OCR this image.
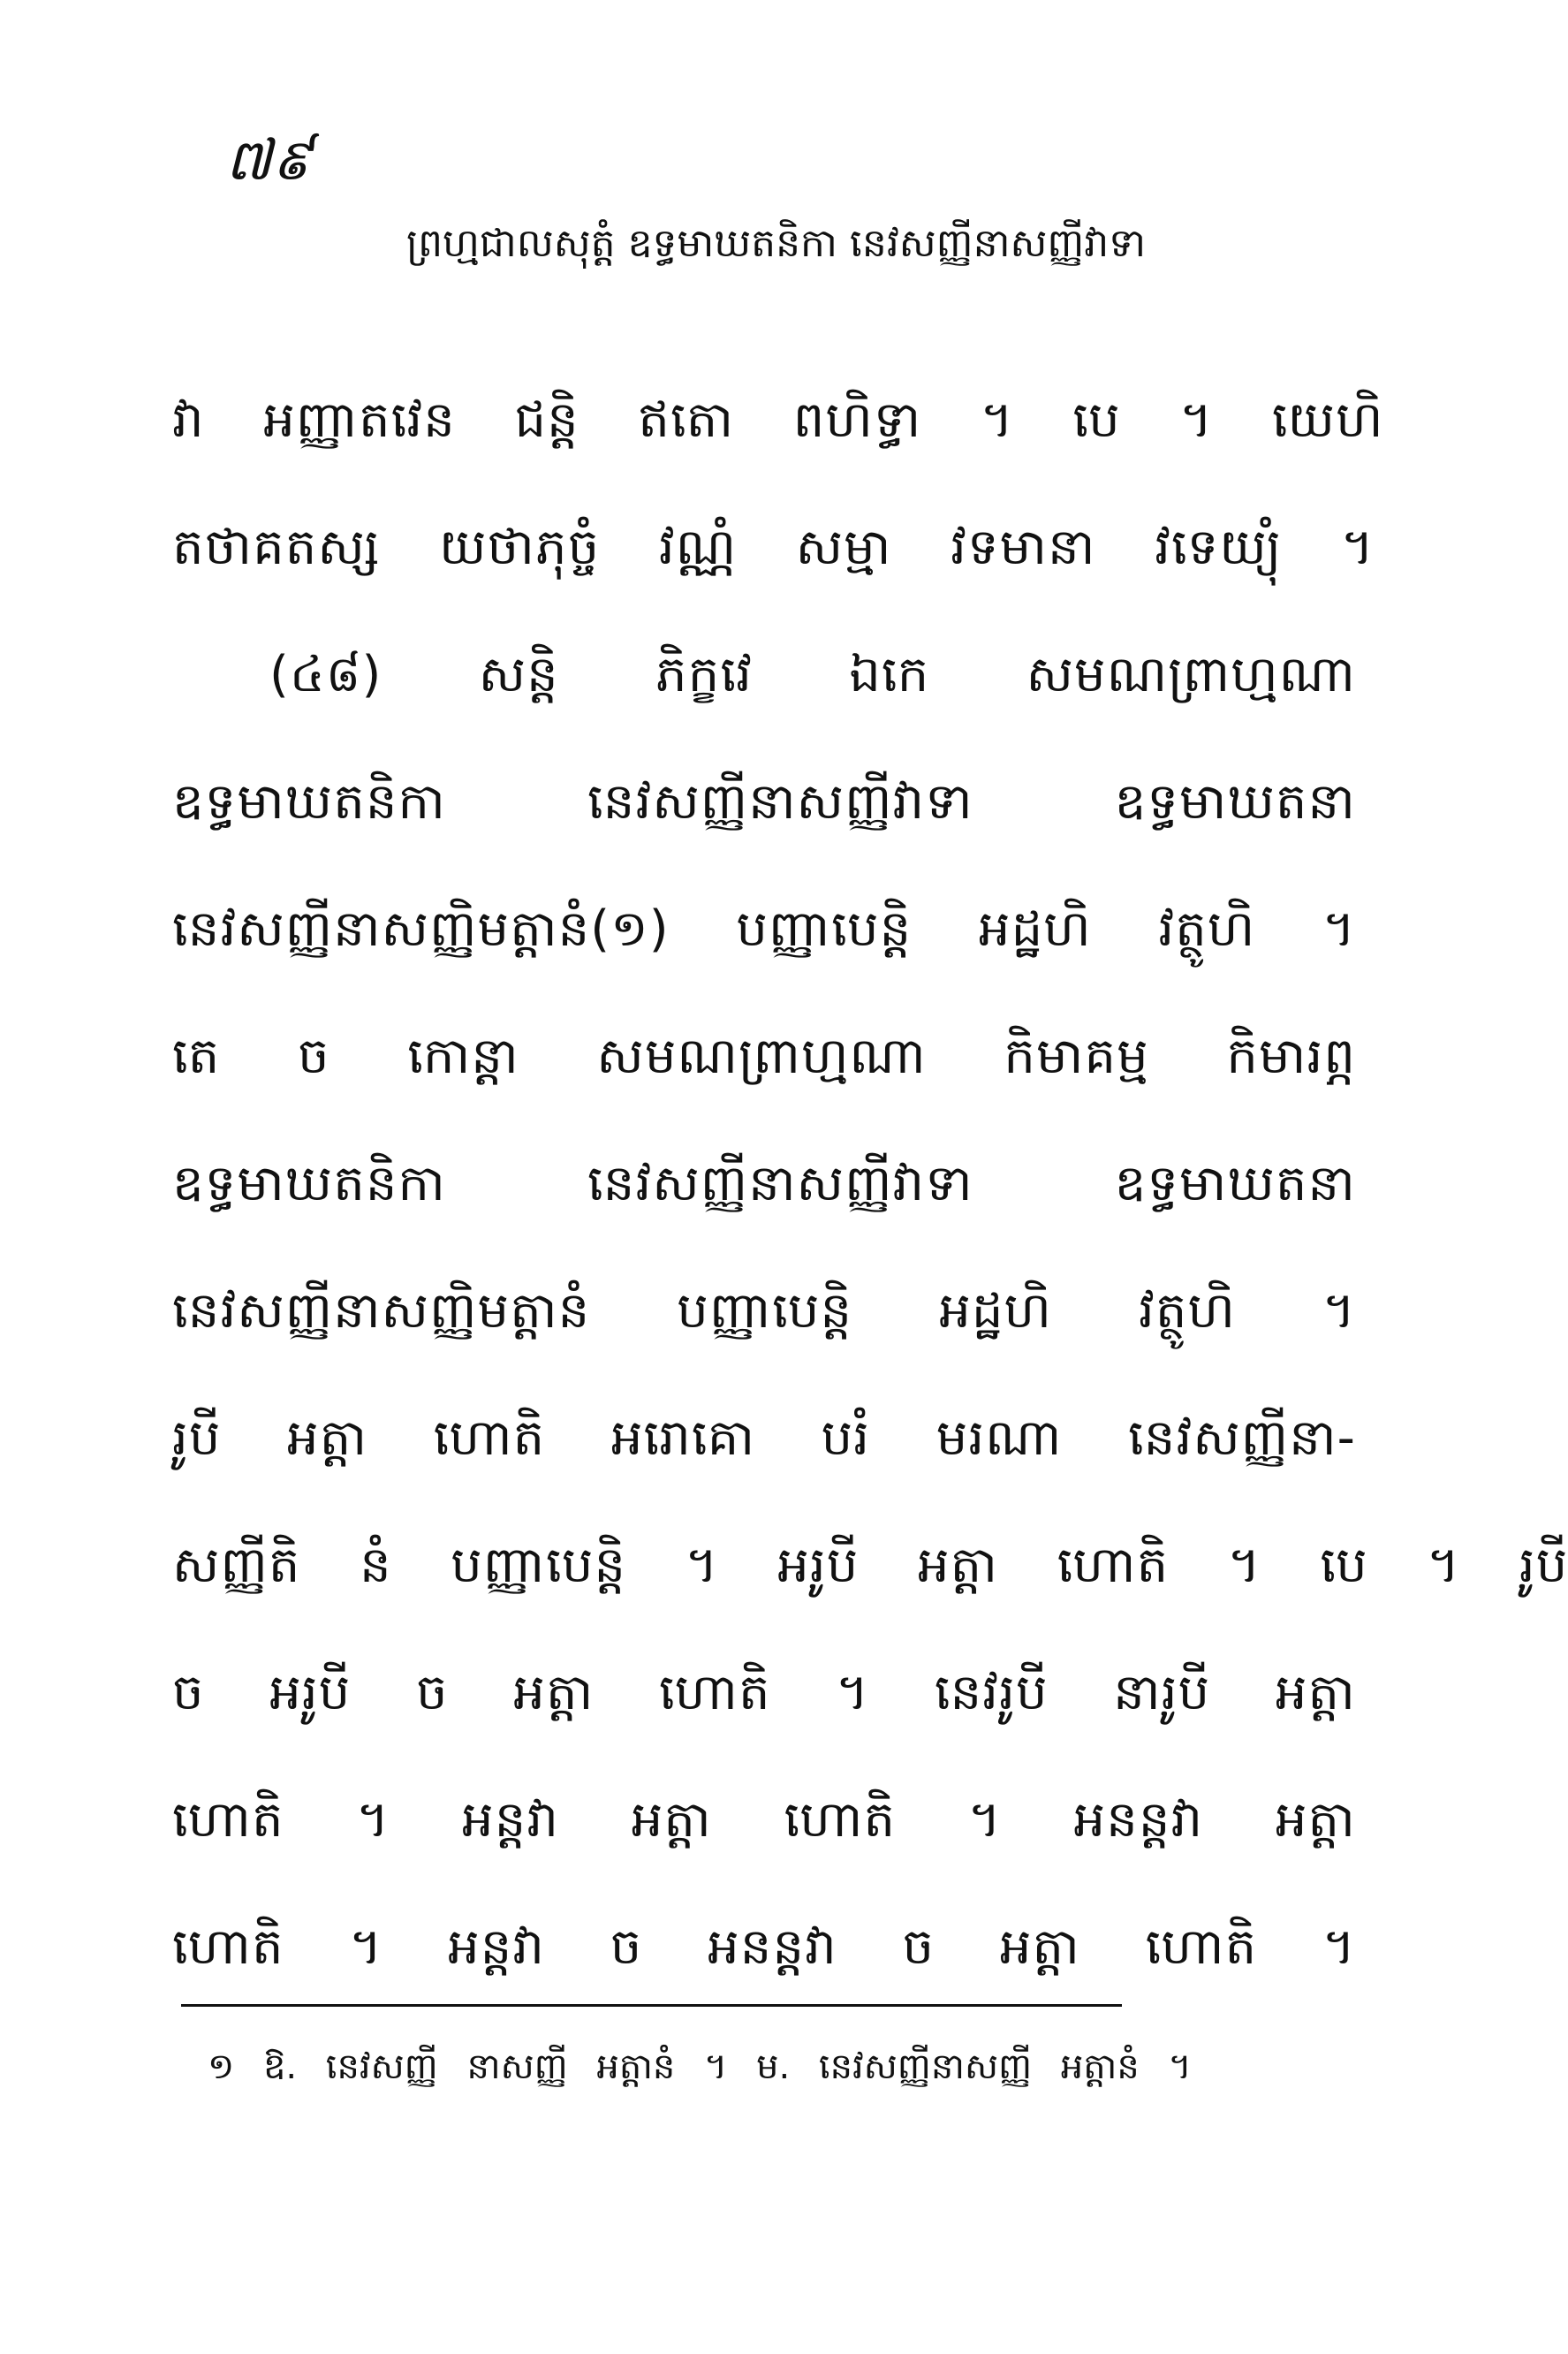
៧៩
ព្រហ្មជាលសុត្តំ ឧទ្ធមាឃតនិកា នេវសញ្ញីនាសញ្ញីវាទា
វា អញ្ញាតវេន ជន្តិ ឥតោ ពហិទ្ធា ។ បេ ។ យេហិ
តថាគតស្ស យថាភុច្ចំ វណ្ណំ សម្មា វទមានា វទេយ្យុំ ។
(៤៨) សន្តិ ភិក្ខវេ ឯកេ សមណព្រាហ្មណា
ឧទ្ធមាឃតនិកា នេវសញ្ញីនាសញ្ញីវាទា ឧទ្ធមាឃតនា
នេវសញ្ញីនាសញ្ញិមត្តានំ(១) បញ្ញាបេន្តិ អដ្ឋហិ វត្ថូហិ ។
តេ ច កោន្តា សមណព្រាហ្មណា កិមាគម្ម កិមារព្ភ
ឧទ្ធមាឃតនិកា នេវសញ្ញីនាសញ្ញីវាទា ឧទ្ធមាឃតនា
នេវសញ្ញីនាសញ្ញិមត្តានំ បញ្ញាបេន្តិ អដ្ឋហិ វត្ថូហិ ។
រូបី អត្តា ហោតិ អរោគោ បរំ មរណា នេវសញ្ញីនា-
សញ្ញីតិ នំ បញ្ញាបេន្តិ ។ អរូបី អត្តា ហោតិ ។ បេ ។ រូបី
ច អរូបី ច អត្តា ហោតិ ។ នេវរូបី នារូបី អត្តា
ហោតិ ។ អន្តវា អត្តា ហោតិ ។ អនន្តវា អត្តា
ហោតិ ។ អន្តវា ច អនន្តវា ច អត្តា ហោតិ ។
១ ឱ. នេវសញ្ញី នាសញ្ញី អត្តានំ ។ ម. នេវសញ្ញីនាសញ្ញី អត្តានំ ។
